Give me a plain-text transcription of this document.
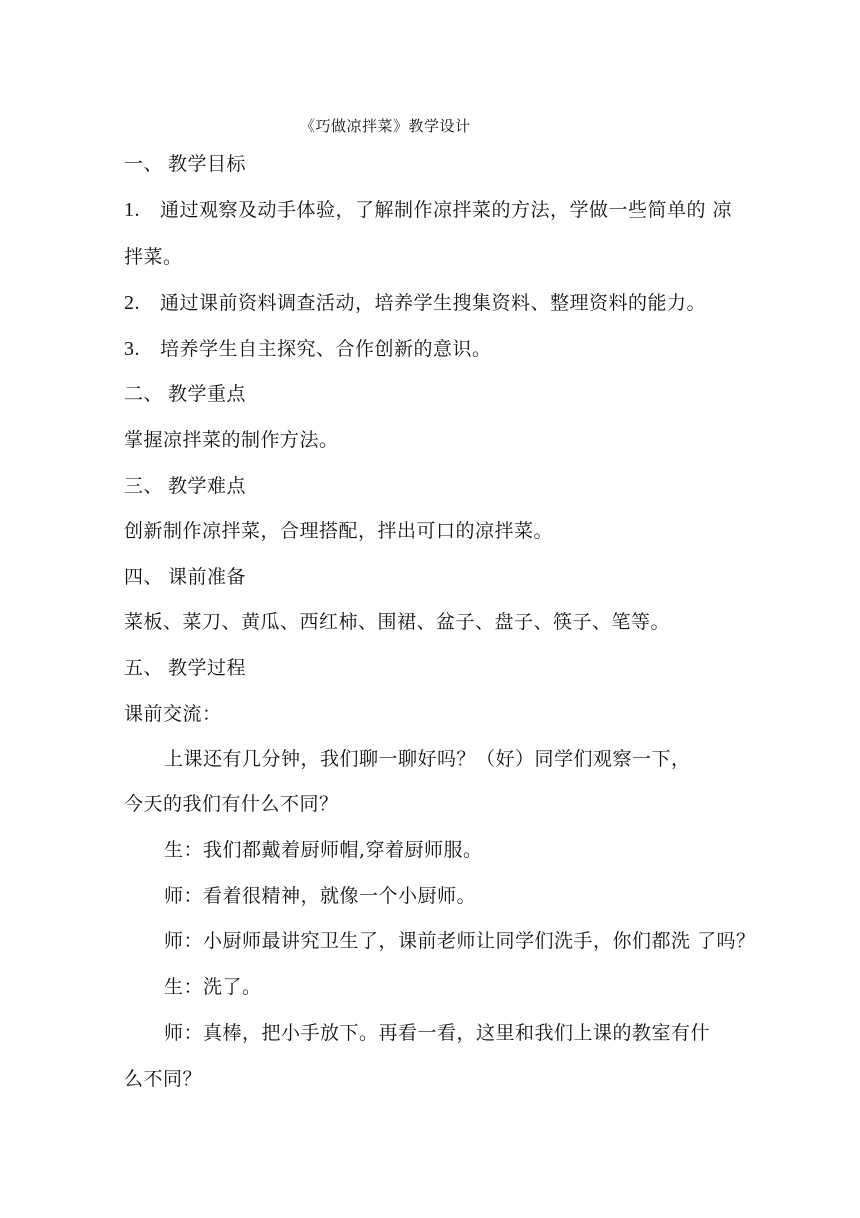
《巧做凉拌菜》教学设计
一、 教学目标
1. 通过观察及动手体验，了解制作凉拌菜的方法，学做一些简单的 凉
拌菜。
2. 通过课前资料调查活动，培养学生搜集资料、整理资料的能力。
3. 培养学生自主探究、合作创新的意识。
二、 教学重点
掌握凉拌菜的制作方法。
三、 教学难点
创新制作凉拌菜，合理搭配，拌出可口的凉拌菜。
四、 课前准备
菜板、菜刀、黄瓜、西红柿、围裙、盆子、盘子、筷子、笔等。
五、 教学过程
课前交流：
上课还有几分钟，我们聊一聊好吗？（好）同学们观察一下，
今天的我们有什么不同？
生：我们都戴着厨师帽,穿着厨师服。
师：看着很精神，就像一个小厨师。
师：小厨师最讲究卫生了，课前老师让同学们洗手，你们都洗 了吗？
生：洗了。
师：真棒，把小手放下。再看一看，这里和我们上课的教室有什
么不同？
